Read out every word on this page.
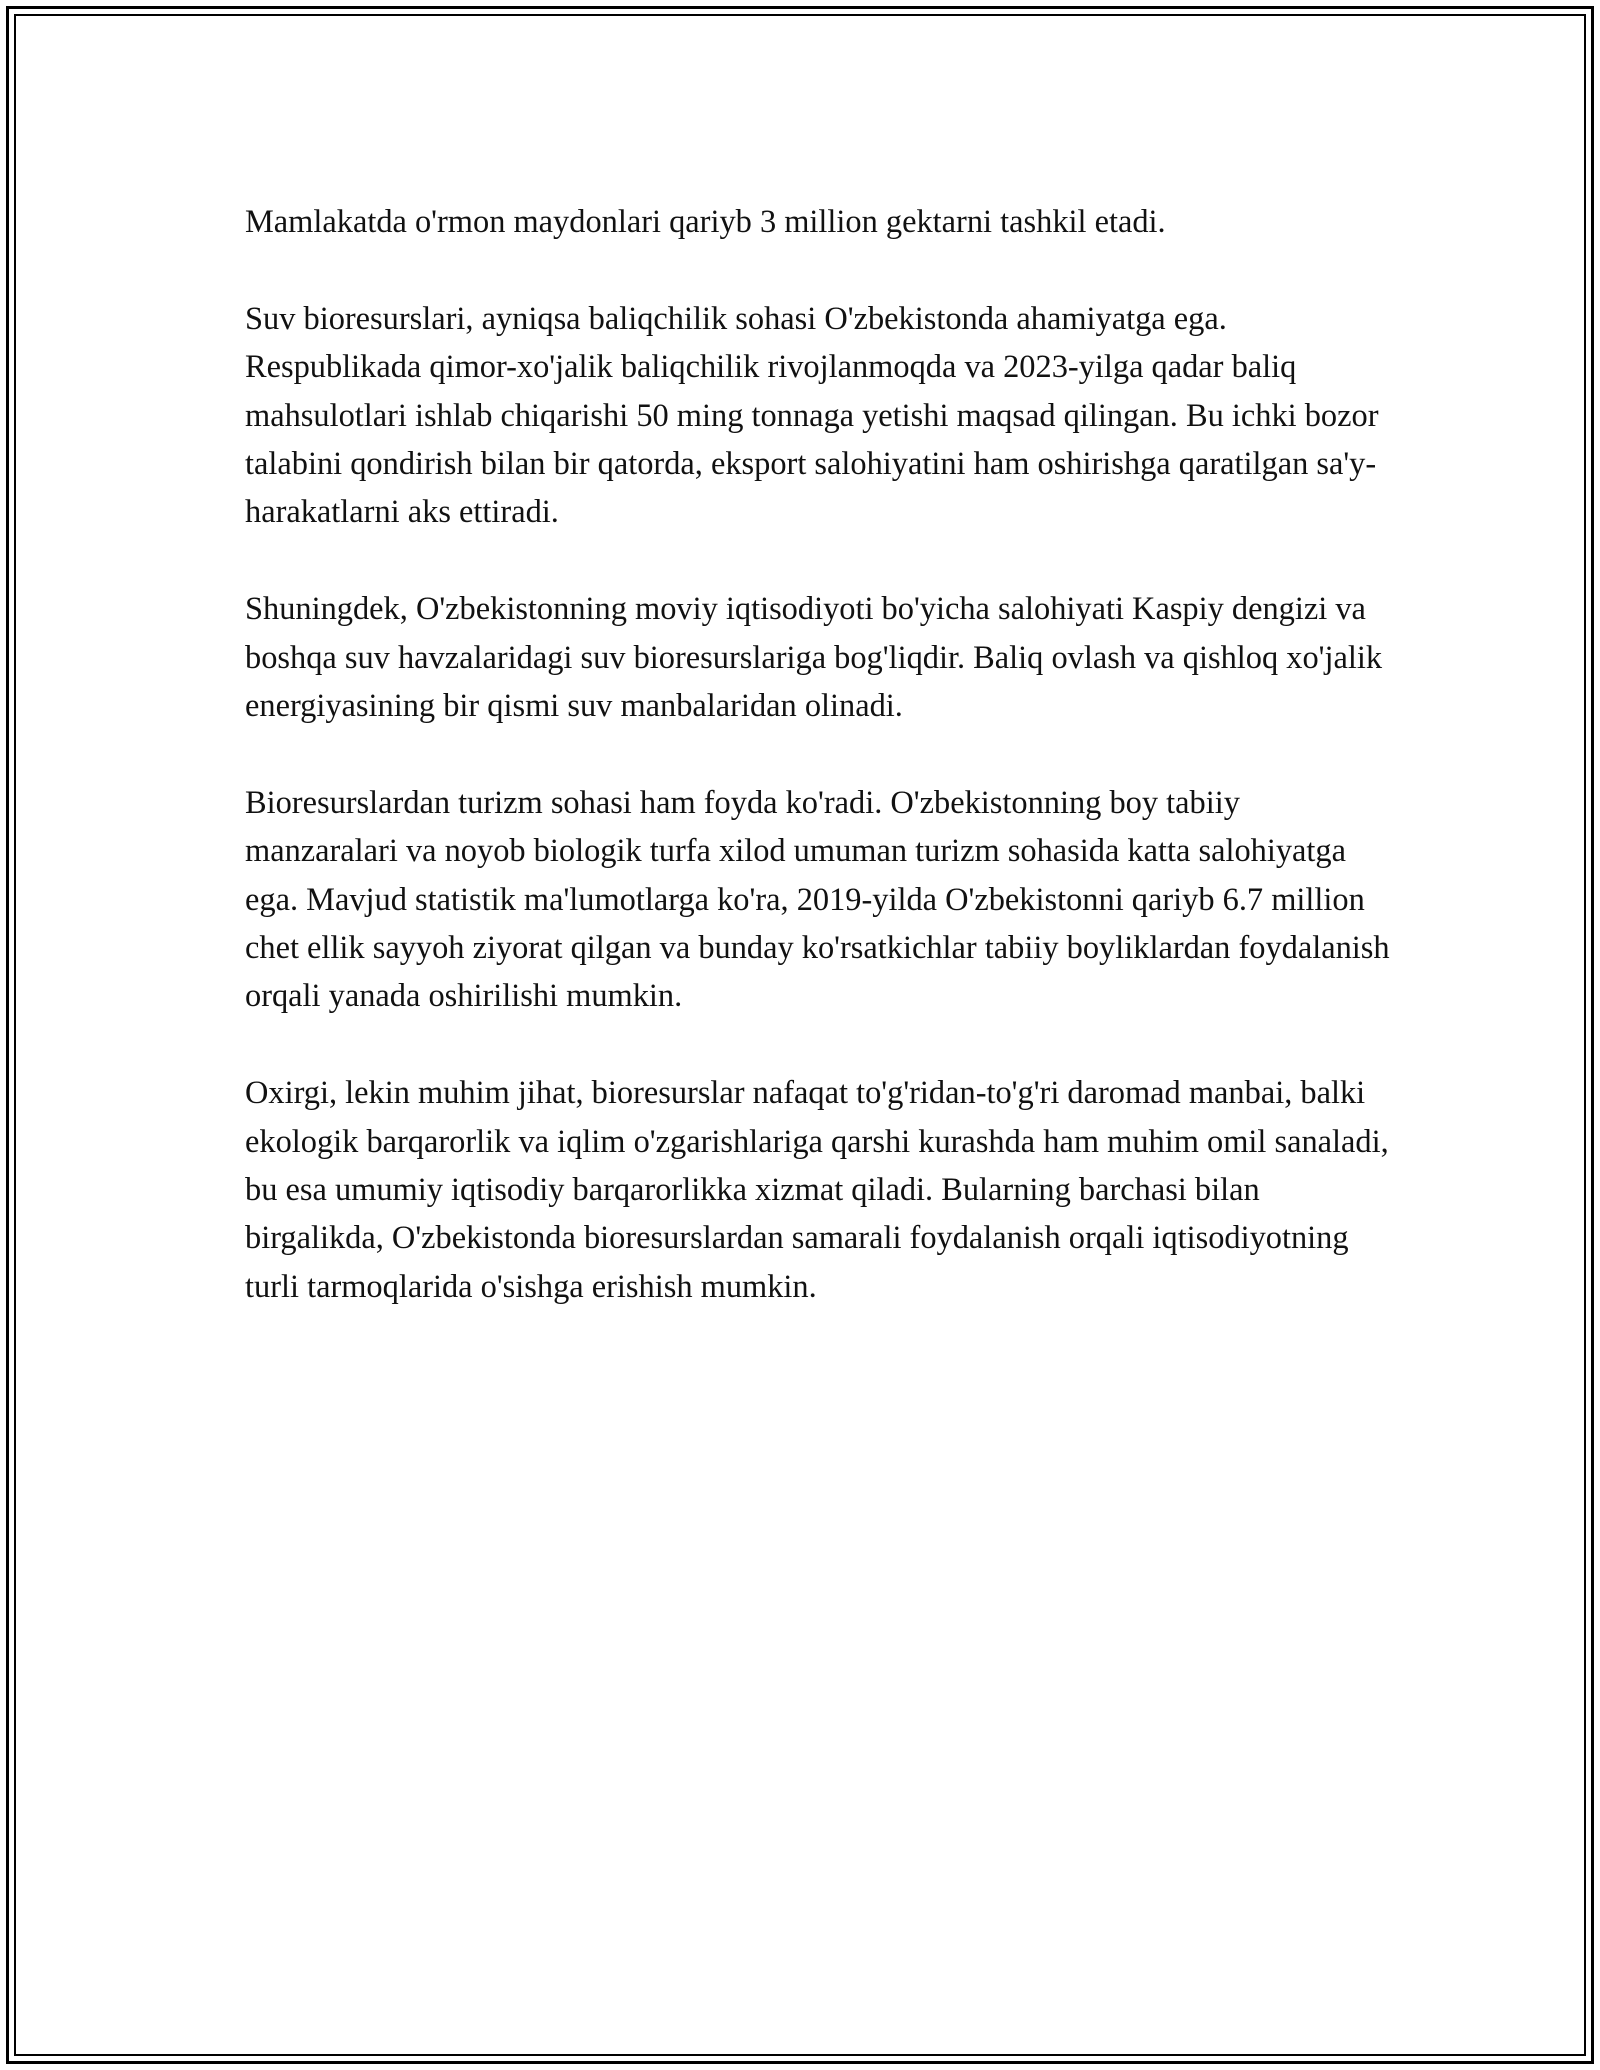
Mamlakatda o'rmon maydonlari qariyb 3 million gektarni tashkil etadi.

Suv bioresurslari, ayniqsa baliqchilik sohasi O'zbekistonda ahamiyatga ega. Respublikada qimor-xo'jalik baliqchilik rivojlanmoqda va 2023-yilga qadar baliq mahsulotlari ishlab chiqarishi 50 ming tonnaga yetishi maqsad qilingan. Bu ichki bozor talabini qondirish bilan bir qatorda, eksport salohiyatini ham oshirishga qaratilgan sa'y-harakatlarni aks ettiradi.

Shuningdek, O'zbekistonning moviy iqtisodiyoti bo'yicha salohiyati Kaspiy dengizi va boshqa suv havzalaridagi suv bioresurslariga bog'liqdir. Baliq ovlash va qishloq xo'jalik energiyasining bir qismi suv manbalaridan olinadi.

Bioresurslardan turizm sohasi ham foyda ko'radi. O'zbekistonning boy tabiiy manzaralari va noyob biologik turfa xilod umuman turizm sohasida katta salohiyatga ega. Mavjud statistik ma'lumotlarga ko'ra, 2019-yilda O'zbekistonni qariyb 6.7 million chet ellik sayyoh ziyorat qilgan va bunday ko'rsatkichlar tabiiy boyliklardan foydalanish orqali yanada oshirilishi mumkin.

Oxirgi, lekin muhim jihat, bioresurslar nafaqat to'g'ridan-to'g'ri daromad manbai, balki ekologik barqarorlik va iqlim o'zgarishlariga qarshi kurashda ham muhim omil sanaladi, bu esa umumiy iqtisodiy barqarorlikka xizmat qiladi. Bularning barchasi bilan birgalikda, O'zbekistonda bioresurslardan samarali foydalanish orqali iqtisodiyotning turli tarmoqlarida o'sishga erishish mumkin.
